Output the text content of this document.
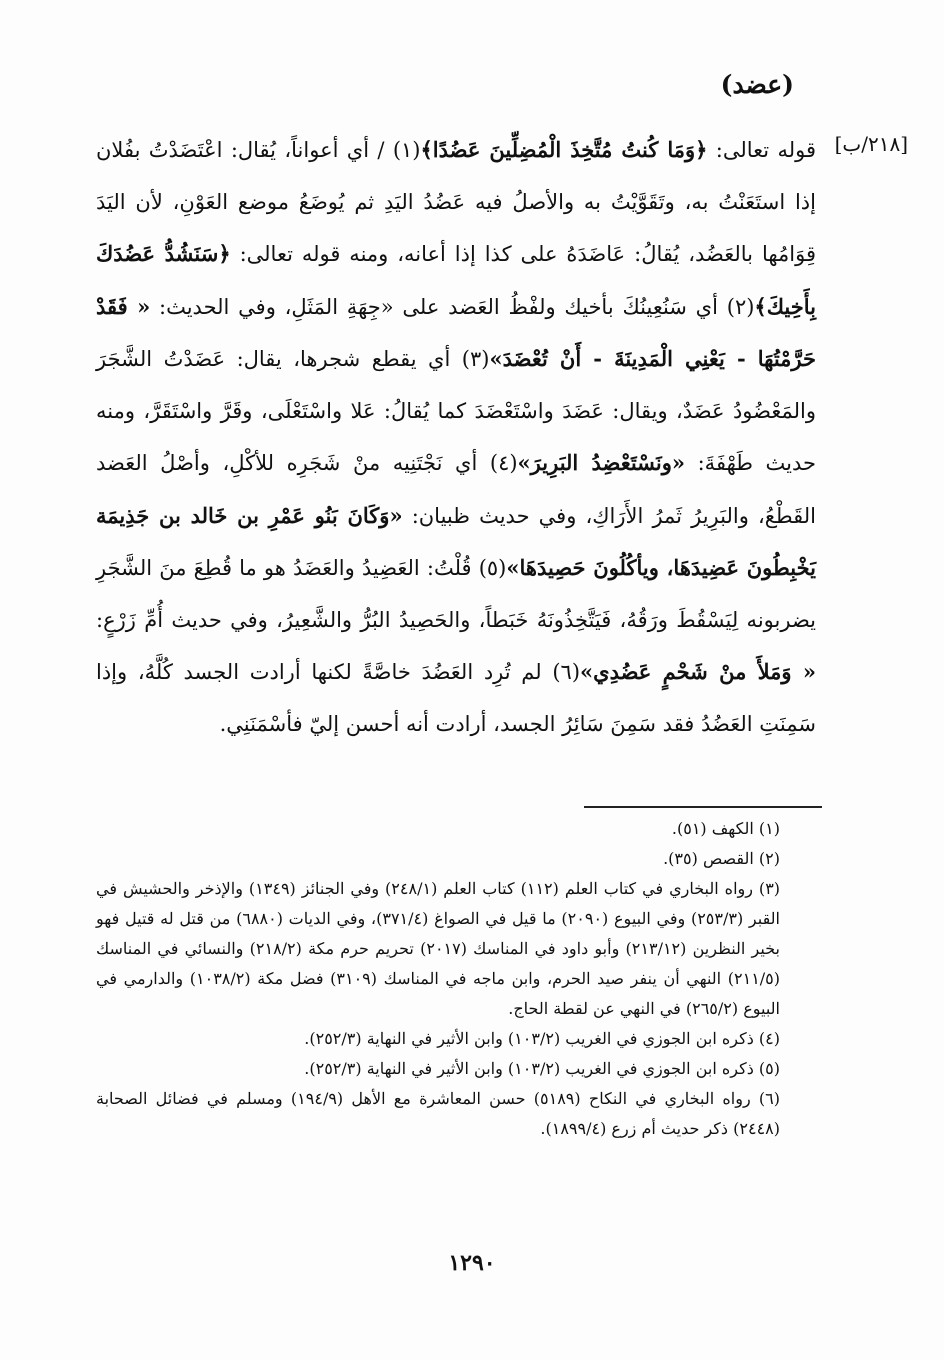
(عضد)
[٢١٨/ب]

قوله تعالى: ﴿وَمَا كُنتُ مُتَّخِذَ الْمُضِلِّينَ عَضُدًا﴾(١) / أي أعواناً، يُقال: اعْتَضَدْتُ بفُلان إذا استَعَنْتُ به، وتَقَوَّيْتُ به والأصلُ فيه عَضُدُ اليَدِ ثم يُوضَعُ موضع العَوْنِ، لأن اليَدَ قِوَامُها بالعَضُد، يُقالُ: عَاضَدَهُ على كذا إذا أعانه، ومنه قوله تعالى: ﴿سَنَشُدُّ عَضُدَكَ بِأَخِيكَ﴾(٢) أي سَنُعِينُكَ بأخيك ولفْظُ العَضد على «جِهَةِ المَثَلِ، وفي الحديث: « فَقَدْ حَرَّمْتُهَا - يَعْنِي الْمَدِينَةَ - أَنْ تُعْضَدَ»(٣) أي يقطع شجرها، يقال: عَضَدْتُ الشَّجَرَ والمَعْضُودُ عَضَدٌ، ويقال: عَضَدَ واسْتَعْضَدَ كما يُقالُ: عَلا واسْتَعْلَى، وقَرَّ واسْتَقَرَّ، ومنه حديث طَهْفَةَ: «ونَسْتَعْضِدُ البَرِيرَ»(٤) أي نَجْتَنِيه منْ شَجَرِه للأكْلِ، وأصْلُ العَضد القَطْعُ، والبَرِيرُ ثَمرُ الأَرَاكِ، وفي حديث ظبيان: «وَكَانَ بَنُو عَمْرِ بن خَالد بن جَذِيمَة يَخْبِطُونَ عَضِيدَهَا، ويأكُلُونَ حَصِيدَهَا»(٥) قُلْتُ: العَضِيدُ والعَضَدُ هو ما قُطِعَ منَ الشَّجَرِ يضربونه لِيَسْقُطَ ورَقُهُ، فَيَتَّخِذُونَهُ خَبَطاً، والحَصِيدُ البُرُّ والشَّعِيرُ، وفي حديث أُمِّ زَرْعٍ: « وَمَلأَ منْ شَحْمٍ عَضُدِي»(٦) لم تُرِد العَضُدَ خاصَّةً لكنها أرادت الجسد كُلَّهُ، وإذا سَمِنَتِ العَضُدُ فقد سَمِنَ سَائِرُ الجسد، أرادت أنه أحسن إليّ فأسْمَنَنِي.

(١) الكهف (٥١).

(٢) القصص (٣٥).

(٣) رواه البخاري في كتاب العلم (١١٢) كتاب العلم (٢٤٨/١) وفي الجنائز (١٣٤٩) والإذخر والحشيش في القبر (٢٥٣/٣) وفي البيوع (٢٠٩٠) ما قيل في الصواغ (٣٧١/٤)، وفي الديات (٦٨٨٠) من قتل له قتيل فهو بخير النظرين (٢١٣/١٢) وأبو داود في المناسك (٢٠١٧) تحريم حرم مكة (٢١٨/٢) والنسائي في المناسك (٢١١/٥) النهي أن ينفر صيد الحرم، وابن ماجه في المناسك (٣١٠٩) فضل مكة (١٠٣٨/٢) والدارمي في البيوع (٢٦٥/٢) في النهي عن لقطة الحاج.

(٤) ذكره ابن الجوزي في الغريب (١٠٣/٢) وابن الأثير في النهاية (٢٥٢/٣).

(٥) ذكره ابن الجوزي في الغريب (١٠٣/٢) وابن الأثير في النهاية (٢٥٢/٣).

(٦) رواه البخاري في النكاح (٥١٨٩) حسن المعاشرة مع الأهل (١٩٤/٩) ومسلم في فضائل الصحابة (٢٤٤٨) ذكر حديث أم زرع (١٨٩٩/٤).

١٢٩٠
